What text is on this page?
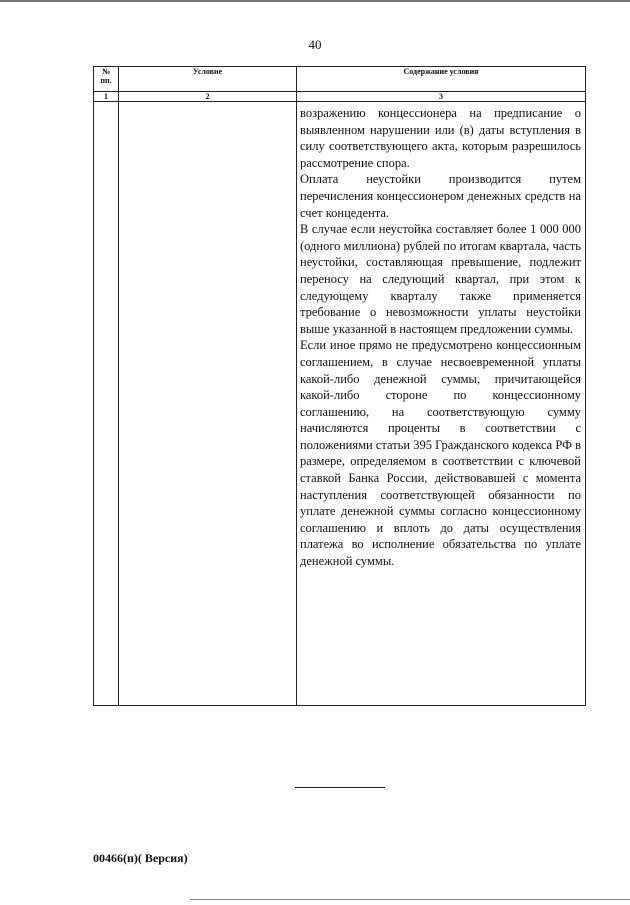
40
№ пп.	Условие	Содержание условия
1	2	3

		возражению концессионера на предписание о выявленном нарушении или (в) даты вступления в силу соответствующего акта, которым разрешилось рассмотрение спора.

Оплата неустойки производится путем перечисления концессионером денежных средств на счет концедента.

В случае если неустойка составляет более 1 000 000 (одного миллиона) рублей по итогам квартала, часть неустойки, составляющая превышение, подлежит переносу на следующий квартал, при этом к следующему кварталу также применяется требование о невозможности уплаты неустойки выше указанной в настоящем предложении суммы.

Если иное прямо не предусмотрено концессионным соглашением, в случае несвоевременной уплаты какой-либо денежной суммы, причитающейся какой-либо стороне по концессионному соглашению, на соответствующую сумму начисляются проценты в соответствии с положениями статьи 395 Гражданского кодекса РФ в размере, определяемом в соответствии с ключевой ставкой Банка России, действовавшей с момента наступления соответствующей обязанности по уплате денежной суммы согласно концессионному соглашению и вплоть до даты осуществления платежа во исполнение обязательства по уплате денежной суммы.

00466(п)( Версия)
